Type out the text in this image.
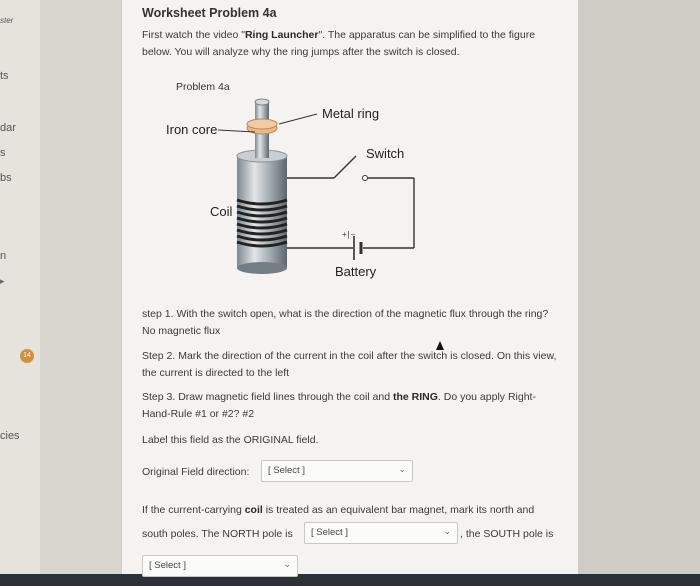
ster
ts
dar
s
bs
n
▸
14
cies
Worksheet Problem 4a
First watch the video "Ring Launcher". The apparatus can be simplified to the figure below. You will analyze why the ring jumps after the switch is closed.
Problem 4a
Iron core
Metal ring
Switch
Coil
Battery
+|–
step 1. With the switch open, what is the direction of the magnetic flux through the ring? No magnetic flux
Step 2. Mark the direction of the current in the coil after the switch is closed. On this view, the current is directed to the left
Step 3. Draw magnetic field lines through the coil and the RING. Do you apply Right-Hand-Rule #1 or #2? #2
Label this field as the ORIGINAL field.
Original Field direction:	[ Select ]	⌄
If the current-carrying coil is treated as an equivalent bar magnet, mark its north and
south poles. The NORTH pole is	[ Select ]	⌄ , the SOUTH pole is
[ Select ]	⌄
